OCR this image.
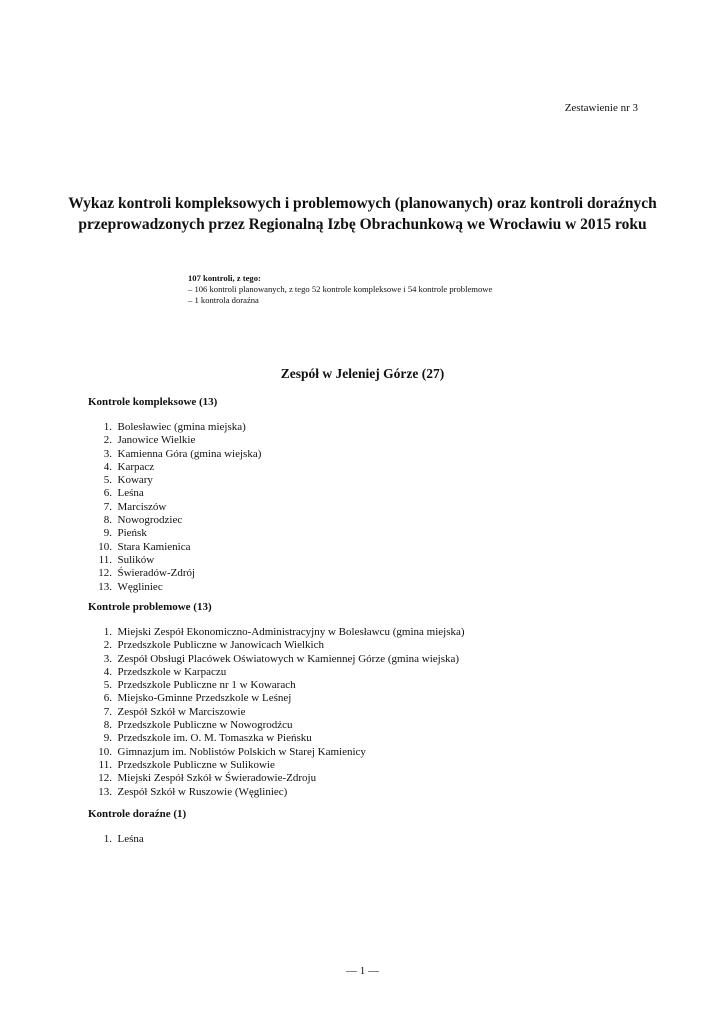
Zestawienie nr 3
Wykaz kontroli kompleksowych i problemowych (planowanych) oraz kontroli doraźnych
przeprowadzonych przez Regionalną Izbę Obrachunkową we Wrocławiu w 2015 roku
107 kontroli, z tego:
– 106 kontroli planowanych, z tego 52 kontrole kompleksowe i 54 kontrole problemowe
– 1 kontrola doraźna
Zespół w Jeleniej Górze (27)
Kontrole kompleksowe (13)
1.
Bolesławiec (gmina miejska)
2.
Janowice Wielkie
3.
Kamienna Góra (gmina wiejska)
4.
Karpacz
5.
Kowary
6.
Leśna
7.
Marciszów
8.
Nowogrodziec
9.
Pieńsk
10.
Stara Kamienica
11.
Sulików
12.
Świeradów-Zdrój
13.
Węgliniec
Kontrole problemowe (13)
1.
Miejski Zespół Ekonomiczno-Administracyjny w Bolesławcu (gmina miejska)
2.
Przedszkole Publiczne w Janowicach Wielkich
3.
Zespół Obsługi Placówek Oświatowych w Kamiennej Górze (gmina wiejska)
4.
Przedszkole w Karpaczu
5.
Przedszkole Publiczne nr 1 w Kowarach
6.
Miejsko-Gminne Przedszkole w Leśnej
7.
Zespół Szkół w Marciszowie
8.
Przedszkole Publiczne w Nowogrodźcu
9.
Przedszkole im. O. M. Tomaszka w Pieńsku
10.
Gimnazjum im. Noblistów Polskich w Starej Kamienicy
11.
Przedszkole Publiczne w Sulikowie
12.
Miejski Zespół Szkół w Świeradowie-Zdroju
13.
Zespół Szkół w Ruszowie (Węgliniec)
Kontrole doraźne (1)
1.
Leśna
— 1 —
